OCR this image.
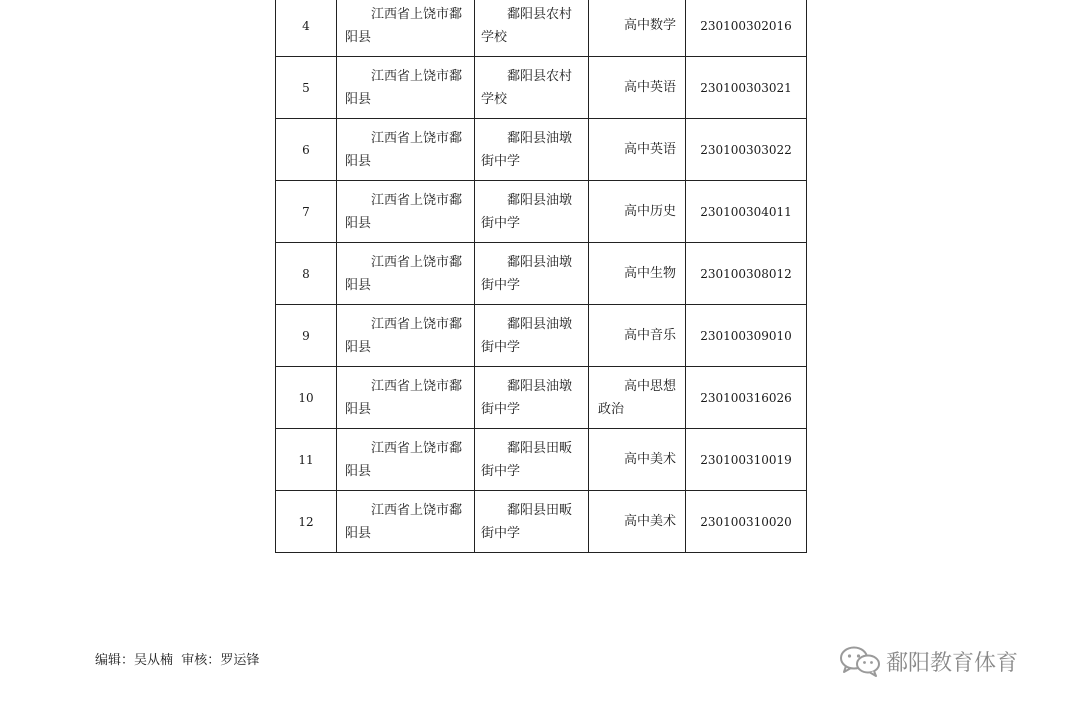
4	江西省上饶市鄱阳县	鄱阳县农村学校	高中数学	230100302016
5	江西省上饶市鄱阳县	鄱阳县农村学校	高中英语	230100303021
6	江西省上饶市鄱阳县	鄱阳县油墩街中学	高中英语	230100303022
7	江西省上饶市鄱阳县	鄱阳县油墩街中学	高中历史	230100304011
8	江西省上饶市鄱阳县	鄱阳县油墩街中学	高中生物	230100308012
9	江西省上饶市鄱阳县	鄱阳县油墩街中学	高中音乐	230100309010
10	江西省上饶市鄱阳县	鄱阳县油墩街中学	高中思想政治	230100316026
11	江西省上饶市鄱阳县	鄱阳县田畈街中学	高中美术	230100310019
12	江西省上饶市鄱阳县	鄱阳县田畈街中学	高中美术	230100310020
编辑：吴从楠 审核：罗运锋	鄱阳教育体育
